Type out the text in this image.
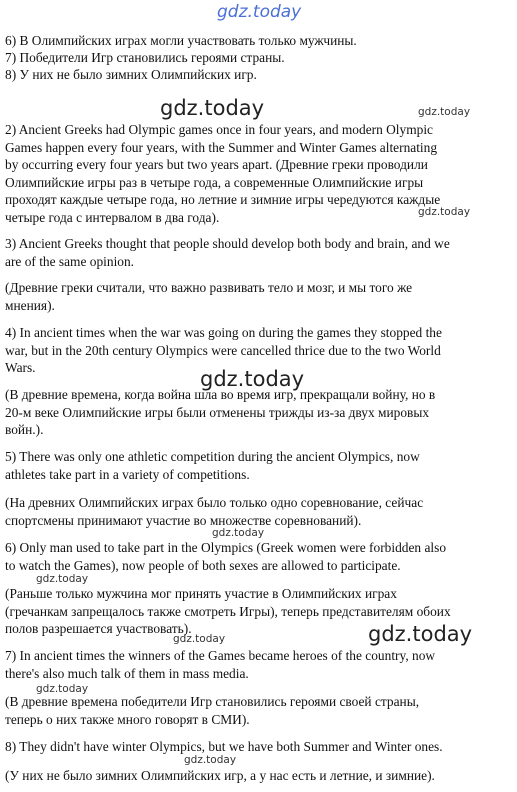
gdz.today

6) В Олимпийских играх могли участвовать только мужчины.

7) Победители Игр становились героями страны.

8) У них не было зимних Олимпийских игр.

gdz.today	gdz.today

2) Ancient Greeks had Olympic games once in four years, and modern Olympic
Games happen every four years, with the Summer and Winter Games alternating
by occurring every four years but two years apart. (Древние греки проводили
Олимпийские игры раз в четыре года, а современные Олимпийские игры
проходят каждые четыре года, но летние и зимние игры чередуются каждые
четыре года с интервалом в два года).	gdz.today

3) Ancient Greeks thought that people should develop both body and brain, and we
are of the same opinion.

(Древние греки считали, что важно развивать тело и мозг, и мы того же
мнения).

4) In ancient times when the war was going on during the games they stopped the
war, but in the 20th century Olympics were cancelled thrice due to the two World
Wars.	gdz.today

(В древние времена, когда война шла во время игр, прекращали войну, но в
20-м веке Олимпийские игры были отменены трижды из-за двух мировых
войн.).

5) There was only one athletic competition during the ancient Olympics, now
athletes take part in a variety of competitions.

(На древних Олимпийских играх было только одно соревнование, сейчас
спортсмены принимают участие во множестве соревнований).

gdz.today

6) Only man used to take part in the Olympics (Greek women were forbidden also
to watch the Games), now people of both sexes are allowed to participate.

gdz.today

(Раньше только мужчина мог принять участие в Олимпийских играх
(гречанкам запрещалось также смотреть Игры), теперь представителям обоих
полов разрешается участвовать).

gdz.today	gdz.today

7) In ancient times the winners of the Games became heroes of the country, now
there's also much talk of them in mass media.

gdz.today

(В древние времена победители Игр становились героями своей страны,
теперь о них также много говорят в СМИ).

8) They didn't have winter Olympics, but we have both Summer and Winter ones.

gdz.today

(У них не было зимних Олимпийских игр, а у нас есть и летние, и зимние).
